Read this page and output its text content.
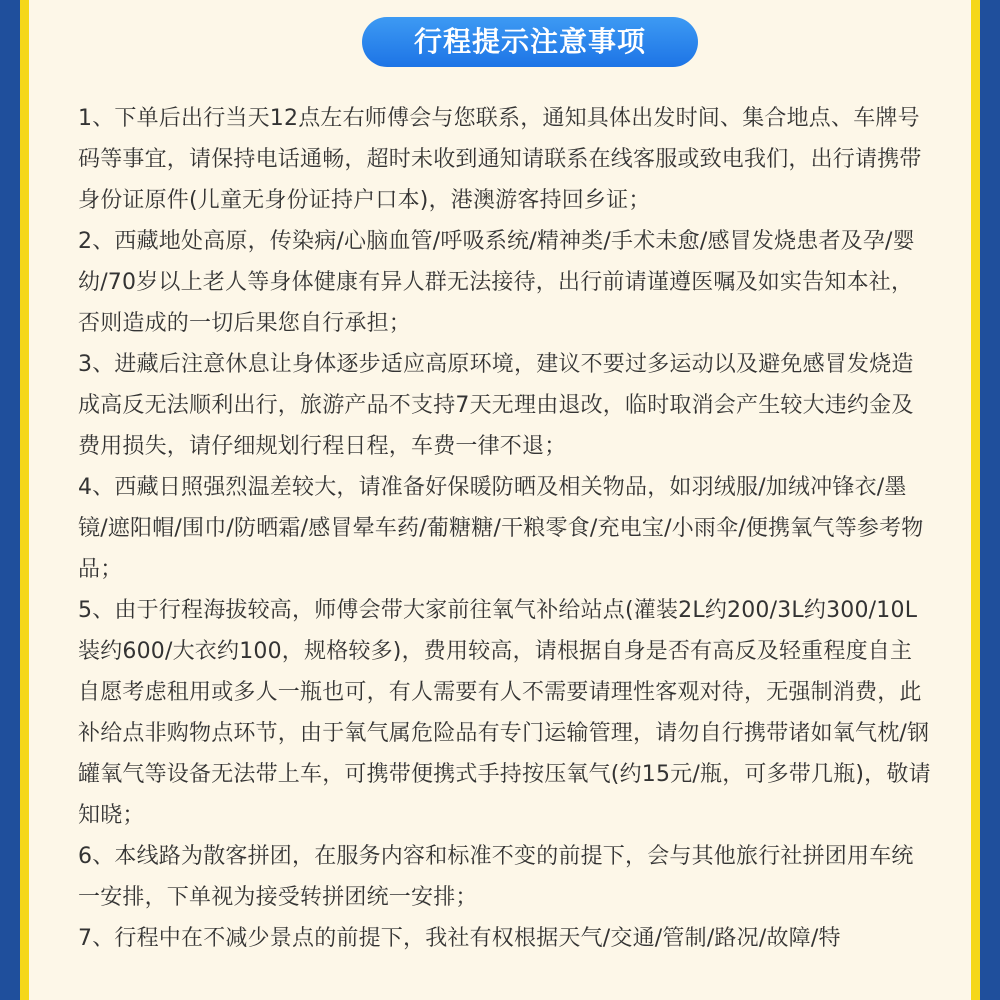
行程提示注意事项

1、下单后出行当天12点左右师傅会与您联系，通知具体出发时间、集合地点、车牌号码等事宜，请保持电话通畅，超时未收到通知请联系在线客服或致电我们，出行请携带身份证原件(儿童无身份证持户口本)，港澳游客持回乡证；

2、西藏地处高原，传染病/心脑血管/呼吸系统/精神类/手术未愈/感冒发烧患者及孕/婴幼/70岁以上老人等身体健康有异人群无法接待，出行前请谨遵医嘱及如实告知本社，否则造成的一切后果您自行承担；

3、进藏后注意休息让身体逐步适应高原环境，建议不要过多运动以及避免感冒发烧造成高反无法顺利出行，旅游产品不支持7天无理由退改，临时取消会产生较大违约金及费用损失，请仔细规划行程日程，车费一律不退；

4、西藏日照强烈温差较大，请准备好保暖防晒及相关物品，如羽绒服/加绒冲锋衣/墨镜/遮阳帽/围巾/防晒霜/感冒晕车药/葡糖糖/干粮零食/充电宝/小雨伞/便携氧气等参考物品；

5、由于行程海拔较高，师傅会带大家前往氧气补给站点(灌装2L约200/3L约300/10L装约600/大衣约100，规格较多)，费用较高，请根据自身是否有高反及轻重程度自主自愿考虑租用或多人一瓶也可，有人需要有人不需要请理性客观对待，无强制消费，此补给点非购物点环节，由于氧气属危险品有专门运输管理，请勿自行携带诸如氧气枕/钢罐氧气等设备无法带上车，可携带便携式手持按压氧气(约15元/瓶，可多带几瓶)，敬请知晓；

6、本线路为散客拼团，在服务内容和标准不变的前提下，会与其他旅行社拼团用车统一安排，下单视为接受转拼团统一安排；

7、行程中在不减少景点的前提下，我社有权根据天气/交通/管制/路况/故障/特
